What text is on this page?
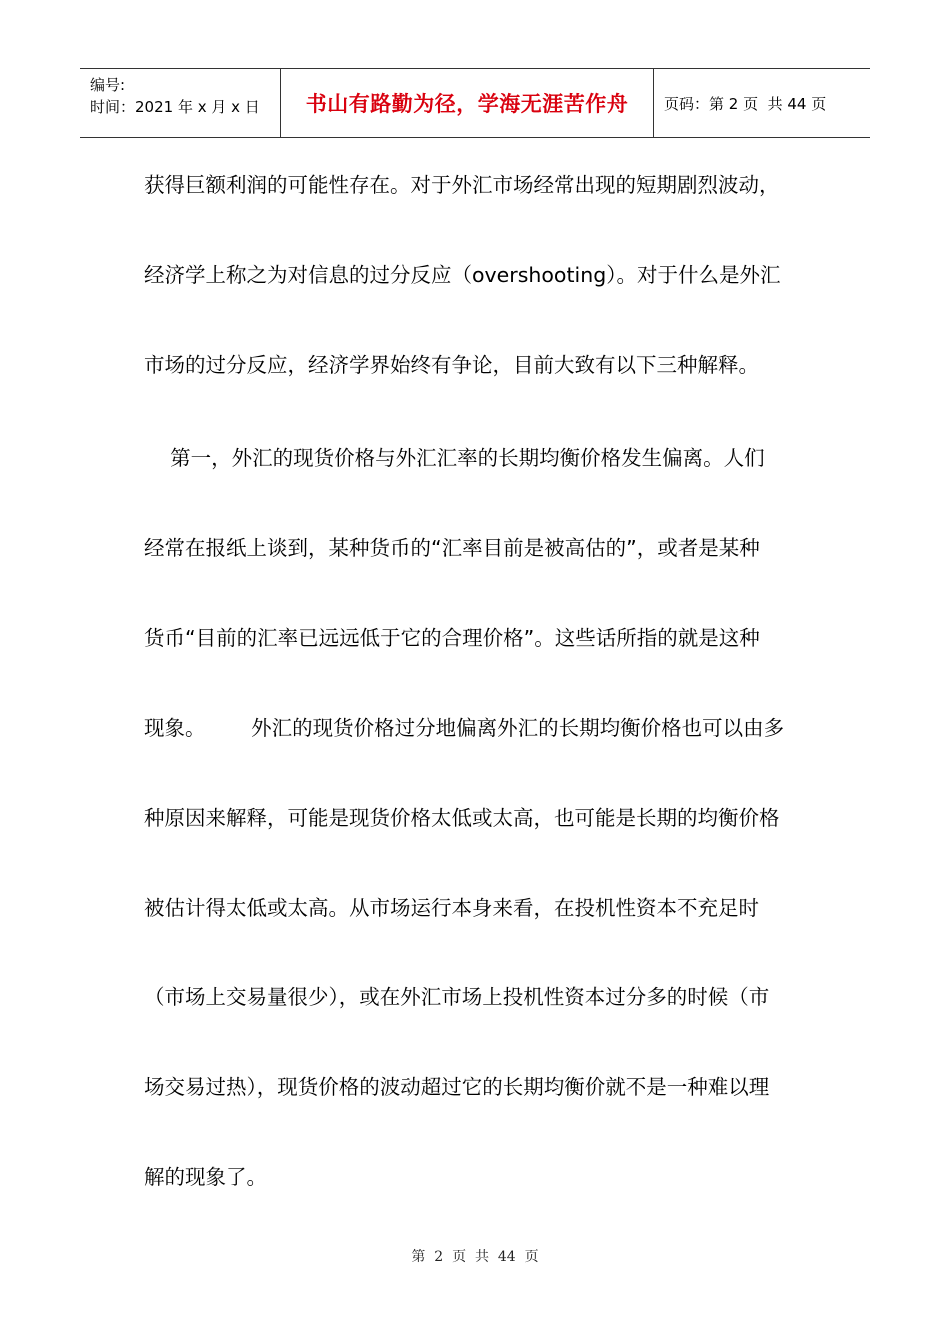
编号:
时间：2021 年 x 月 x 日	书山有路勤为径，学海无涯苦作舟 页码：第 2 页  共 44 页
获得巨额利润的可能性存在。对于外汇市场经常出现的短期剧烈波动，
经济学上称之为对信息的过分反应（overshooting）。对于什么是外汇
市场的过分反应，经济学界始终有争论，目前大致有以下三种解释。
第一，外汇的现货价格与外汇汇率的长期均衡价格发生偏离。人们
经常在报纸上谈到，某种货币的“汇率目前是被高估的”，或者是某种
货币“目前的汇率已远远低于它的合理价格”。这些话所指的就是这种
现象。       外汇的现货价格过分地偏离外汇的长期均衡价格也可以由多
种原因来解释，可能是现货价格太低或太高，也可能是长期的均衡价格
被估计得太低或太高。从市场运行本身来看，在投机性资本不充足时
（市场上交易量很少），或在外汇市场上投机性资本过分多的时候（市
场交易过热），现货价格的波动超过它的长期均衡价就不是一种难以理
解的现象了。
第  2  页  共  44  页
